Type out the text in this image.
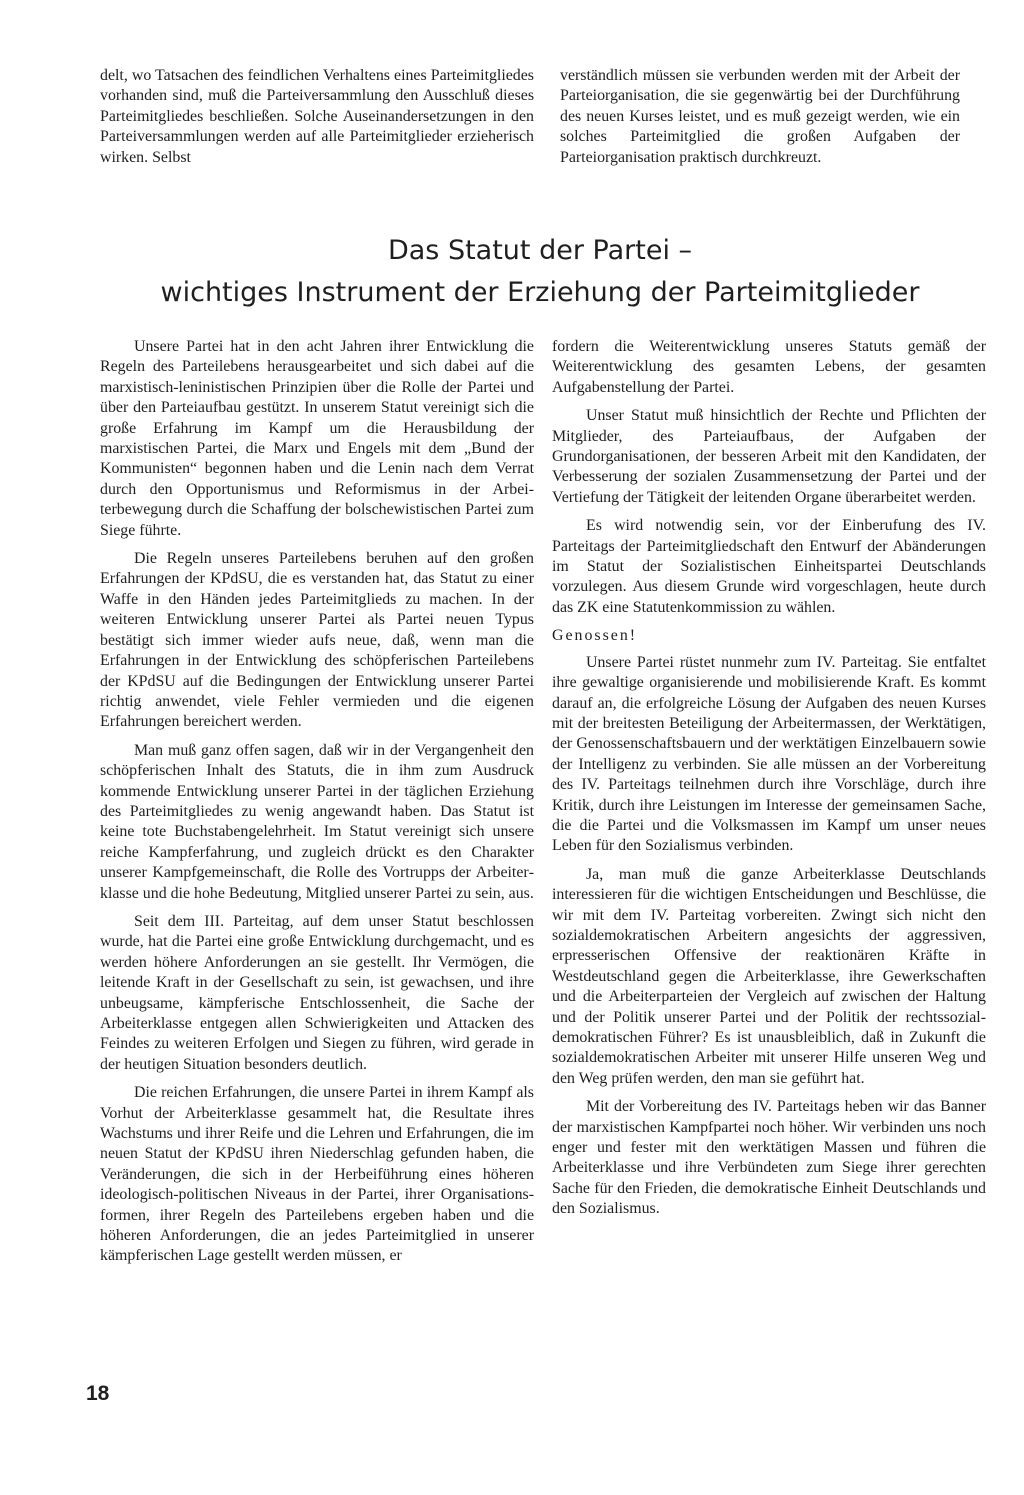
delt, wo Tatsachen des feindlichen Verhaltens eines Parteimitgliedes vorhanden sind, muß die Parteiversammlung den Ausschluß dieses Parteimitgliedes beschließen. Solche Auseinandersetzungen in den Parteiversammlungen werden auf alle Parteimitglieder erzieherisch wirken. Selbst

verständlich müssen sie verbunden werden mit der Arbeit der Parteiorganisation, die sie gegenwärtig bei der Durchführung des neuen Kurses leistet, und es muß gezeigt werden, wie ein solches Parteimitglied die großen Aufgaben der Parteiorganisation praktisch durchkreuzt.

Das Statut der Partei –
wichtiges Instrument der Erziehung der Parteimitglieder

Unsere Partei hat in den acht Jahren ihrer Entwicklung die Regeln des Parteilebens herausgearbeitet und sich dabei auf die marxistisch-leninistischen Prinzipien über die Rolle der Partei und über den Parteiaufbau gestützt. In unserem Statut vereinigt sich die große Erfahrung im Kampf um die Herausbildung der marxistischen Partei, die Marx und Engels mit dem „Bund der Kommunisten“ begonnen haben und die Lenin nach dem Verrat durch den Opportunismus und Reformismus in der Arbeiterbewegung durch die Schaffung der bolschewistischen Partei zum Siege führte.

Die Regeln unseres Parteilebens beruhen auf den großen Erfahrungen der KPdSU, die es verstanden hat, das Statut zu einer Waffe in den Händen jedes Parteimitglieds zu machen. In der weiteren Entwicklung unserer Partei als Partei neuen Typus bestätigt sich immer wieder aufs neue, daß, wenn man die Erfahrungen in der Entwicklung des schöpferischen Parteilebens der KPdSU auf die Bedingungen der Entwicklung unserer Partei richtig anwendet, viele Fehler vermieden und die eigenen Erfahrungen bereichert werden.

Man muß ganz offen sagen, daß wir in der Vergangenheit den schöpferischen Inhalt des Statuts, die in ihm zum Ausdruck kommende Entwicklung unserer Partei in der täglichen Erziehung des Parteimitgliedes zu wenig angewandt haben. Das Statut ist keine tote Buchstabengelehrheit. Im Statut vereinigt sich unsere reiche Kampferfahrung, und zugleich drückt es den Charakter unserer Kampfgemeinschaft, die Rolle des Vortrupps der Arbeiterklasse und die hohe Bedeutung, Mitglied unserer Partei zu sein, aus.

Seit dem III. Parteitag, auf dem unser Statut beschlossen wurde, hat die Partei eine große Entwicklung durchgemacht, und es werden höhere Anforderungen an sie gestellt. Ihr Vermögen, die leitende Kraft in der Gesellschaft zu sein, ist gewachsen, und ihre unbeugsame, kämpferische Entschlossenheit, die Sache der Arbeiterklasse entgegen allen Schwierigkeiten und Attacken des Feindes zu weiteren Erfolgen und Siegen zu führen, wird gerade in der heutigen Situation besonders deutlich.

Die reichen Erfahrungen, die unsere Partei in ihrem Kampf als Vorhut der Arbeiterklasse gesammelt hat, die Resultate ihres Wachstums und ihrer Reife und die Lehren und Erfahrungen, die im neuen Statut der KPdSU ihren Niederschlag gefunden haben, die Veränderungen, die sich in der Herbeiführung eines höheren ideologisch-politischen Niveaus in der Partei, ihrer Organisationsformen, ihrer Regeln des Parteilebens ergeben haben und die höheren Anforderungen, die an jedes Parteimitglied in unserer kämpferischen Lage gestellt werden müssen, er

fordern die Weiterentwicklung unseres Statuts gemäß der Weiterentwicklung des gesamten Lebens, der gesamten Aufgabenstellung der Partei.

Unser Statut muß hinsichtlich der Rechte und Pflichten der Mitglieder, des Parteiaufbaus, der Aufgaben der Grundorganisationen, der besseren Arbeit mit den Kandidaten, der Verbesserung der sozialen Zusammensetzung der Partei und der Vertiefung der Tätigkeit der leitenden Organe überarbeitet werden.

Es wird notwendig sein, vor der Einberufung des IV. Parteitags der Parteimitgliedschaft den Entwurf der Abänderungen im Statut der Sozialistischen Einheitspartei Deutschlands vorzulegen. Aus diesem Grunde wird vorgeschlagen, heute durch das ZK eine Statutenkommission zu wählen.

Genossen!

Unsere Partei rüstet nunmehr zum IV. Parteitag. Sie entfaltet ihre gewaltige organisierende und mobilisierende Kraft. Es kommt darauf an, die erfolgreiche Lösung der Aufgaben des neuen Kurses mit der breitesten Beteiligung der Arbeitermassen, der Werktätigen, der Genossenschaftsbauern und der werktätigen Einzelbauern sowie der Intelligenz zu verbinden. Sie alle müssen an der Vorbereitung des IV. Parteitags teilnehmen durch ihre Vorschläge, durch ihre Kritik, durch ihre Leistungen im Interesse der gemeinsamen Sache, die die Partei und die Volksmassen im Kampf um unser neues Leben für den Sozialismus verbinden.

Ja, man muß die ganze Arbeiterklasse Deutschlands interessieren für die wichtigen Entscheidungen und Beschlüsse, die wir mit dem IV. Parteitag vorbereiten. Zwingt sich nicht den sozialdemokratischen Arbeitern angesichts der aggressiven, erpresserischen Offensive der reaktionären Kräfte in Westdeutschland gegen die Arbeiterklasse, ihre Gewerkschaften und die Arbeiterparteien der Vergleich auf zwischen der Haltung und der Politik unserer Partei und der Politik der rechtssozialdemokratischen Führer? Es ist unausbleiblich, daß in Zukunft die sozialdemokratischen Arbeiter mit unserer Hilfe unseren Weg und den Weg prüfen werden, den man sie geführt hat.

Mit der Vorbereitung des IV. Parteitags heben wir das Banner der marxistischen Kampfpartei noch höher. Wir verbinden uns noch enger und fester mit den werktätigen Massen und führen die Arbeiterklasse und ihre Verbündeten zum Siege ihrer gerechten Sache für den Frieden, die demokratische Einheit Deutschlands und den Sozialismus.

18
